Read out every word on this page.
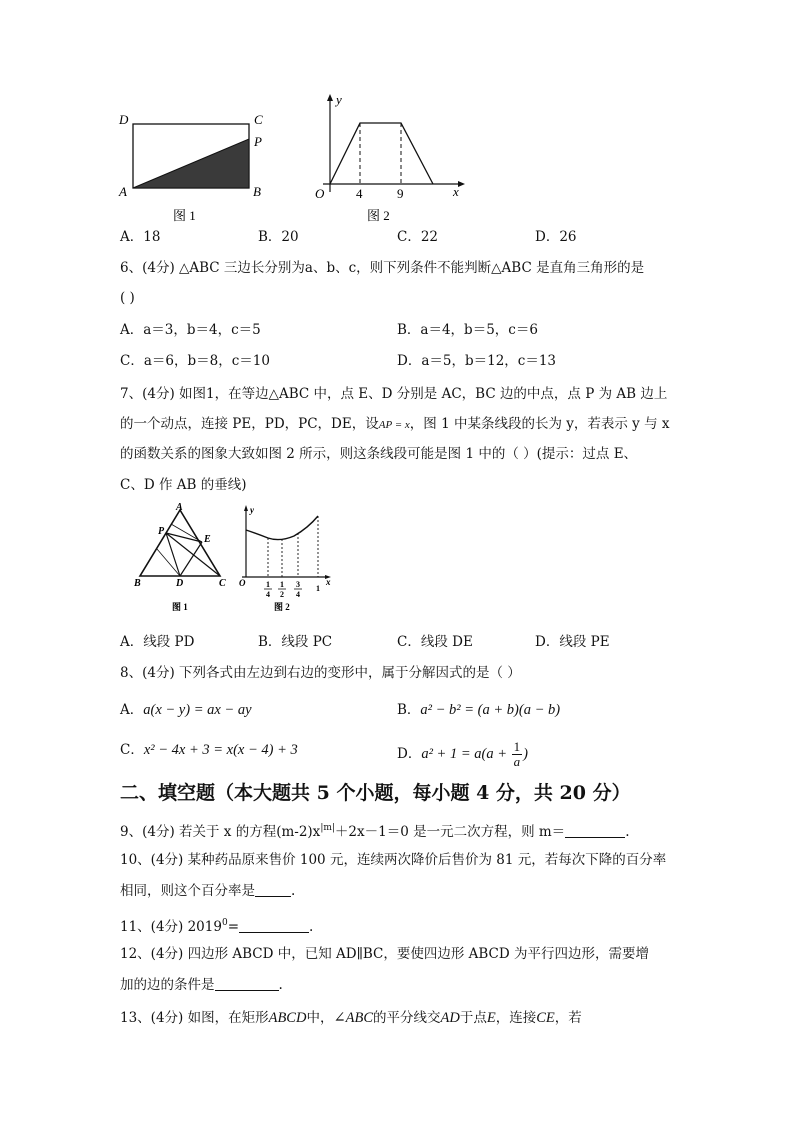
D	C
P
A	B
图 1
y
O 4	9	x
图 2
A．18	B．20	C．22	D．26
6、(4分) △ABC 三边长分别为a、b、c，则下列条件不能判断△ABC 是直角三角形的是
( )
A．a＝3，b＝4，c＝5	B．a＝4，b＝5，c＝6
C．a＝6，b＝8，c＝10	D．a＝5，b＝12，c＝13
7、(4分) 如图1，在等边△ABC 中，点 E、D 分别是 AC，BC 边的中点，点 P 为 AB 边上
的一个动点，连接 PE，PD，PC，DE，设AP = x，图 1 中某条线段的长为 y，若表示 y 与 x
的函数关系的图象大致如图 2 所示，则这条线段可能是图 1 中的（ ）(提示：过点 E、
C、D 作 AB 的垂线)
A
P
E
B	D	C
图 1
y
O	x
1
4
1
2
3
4
1
图 2
A．线段 PD	B．线段 PC	C．线段 DE	D．线段 PE
8、(4分) 下列各式由左边到右边的变形中，属于分解因式的是（ ）
A．a(x − y) = ax − ay	B．a² − b² = (a + b)(a − b)
C．x² − 4x + 3 = x(x − 4) + 3	D．$a^2 + 1 = a(a + \frac{1}{a}$ )
二、填空题（本大题共 5 个小题，每小题 4 分，共 20 分）
9、(4分) 若关于 x 的方程$(m-2)x^{|m|}+2x-1=0$ 是一元二次方程，则 m＝	.
10、(4分) 某种药品原来售价 100 元，连续两次降价后售价为 81 元，若每次下降的百分率
相同，则这个百分率是	.
11、(4分) $2019^0=$	.
12、(4分) 四边形 ABCD 中，已知 AD∥BC，要使四边形 ABCD 为平行四边形，需要增
加的边的条件是	.
13、(4分) 如图，在矩形ABCD中，∠ABC的平分线交AD于点E，连接CE，若
